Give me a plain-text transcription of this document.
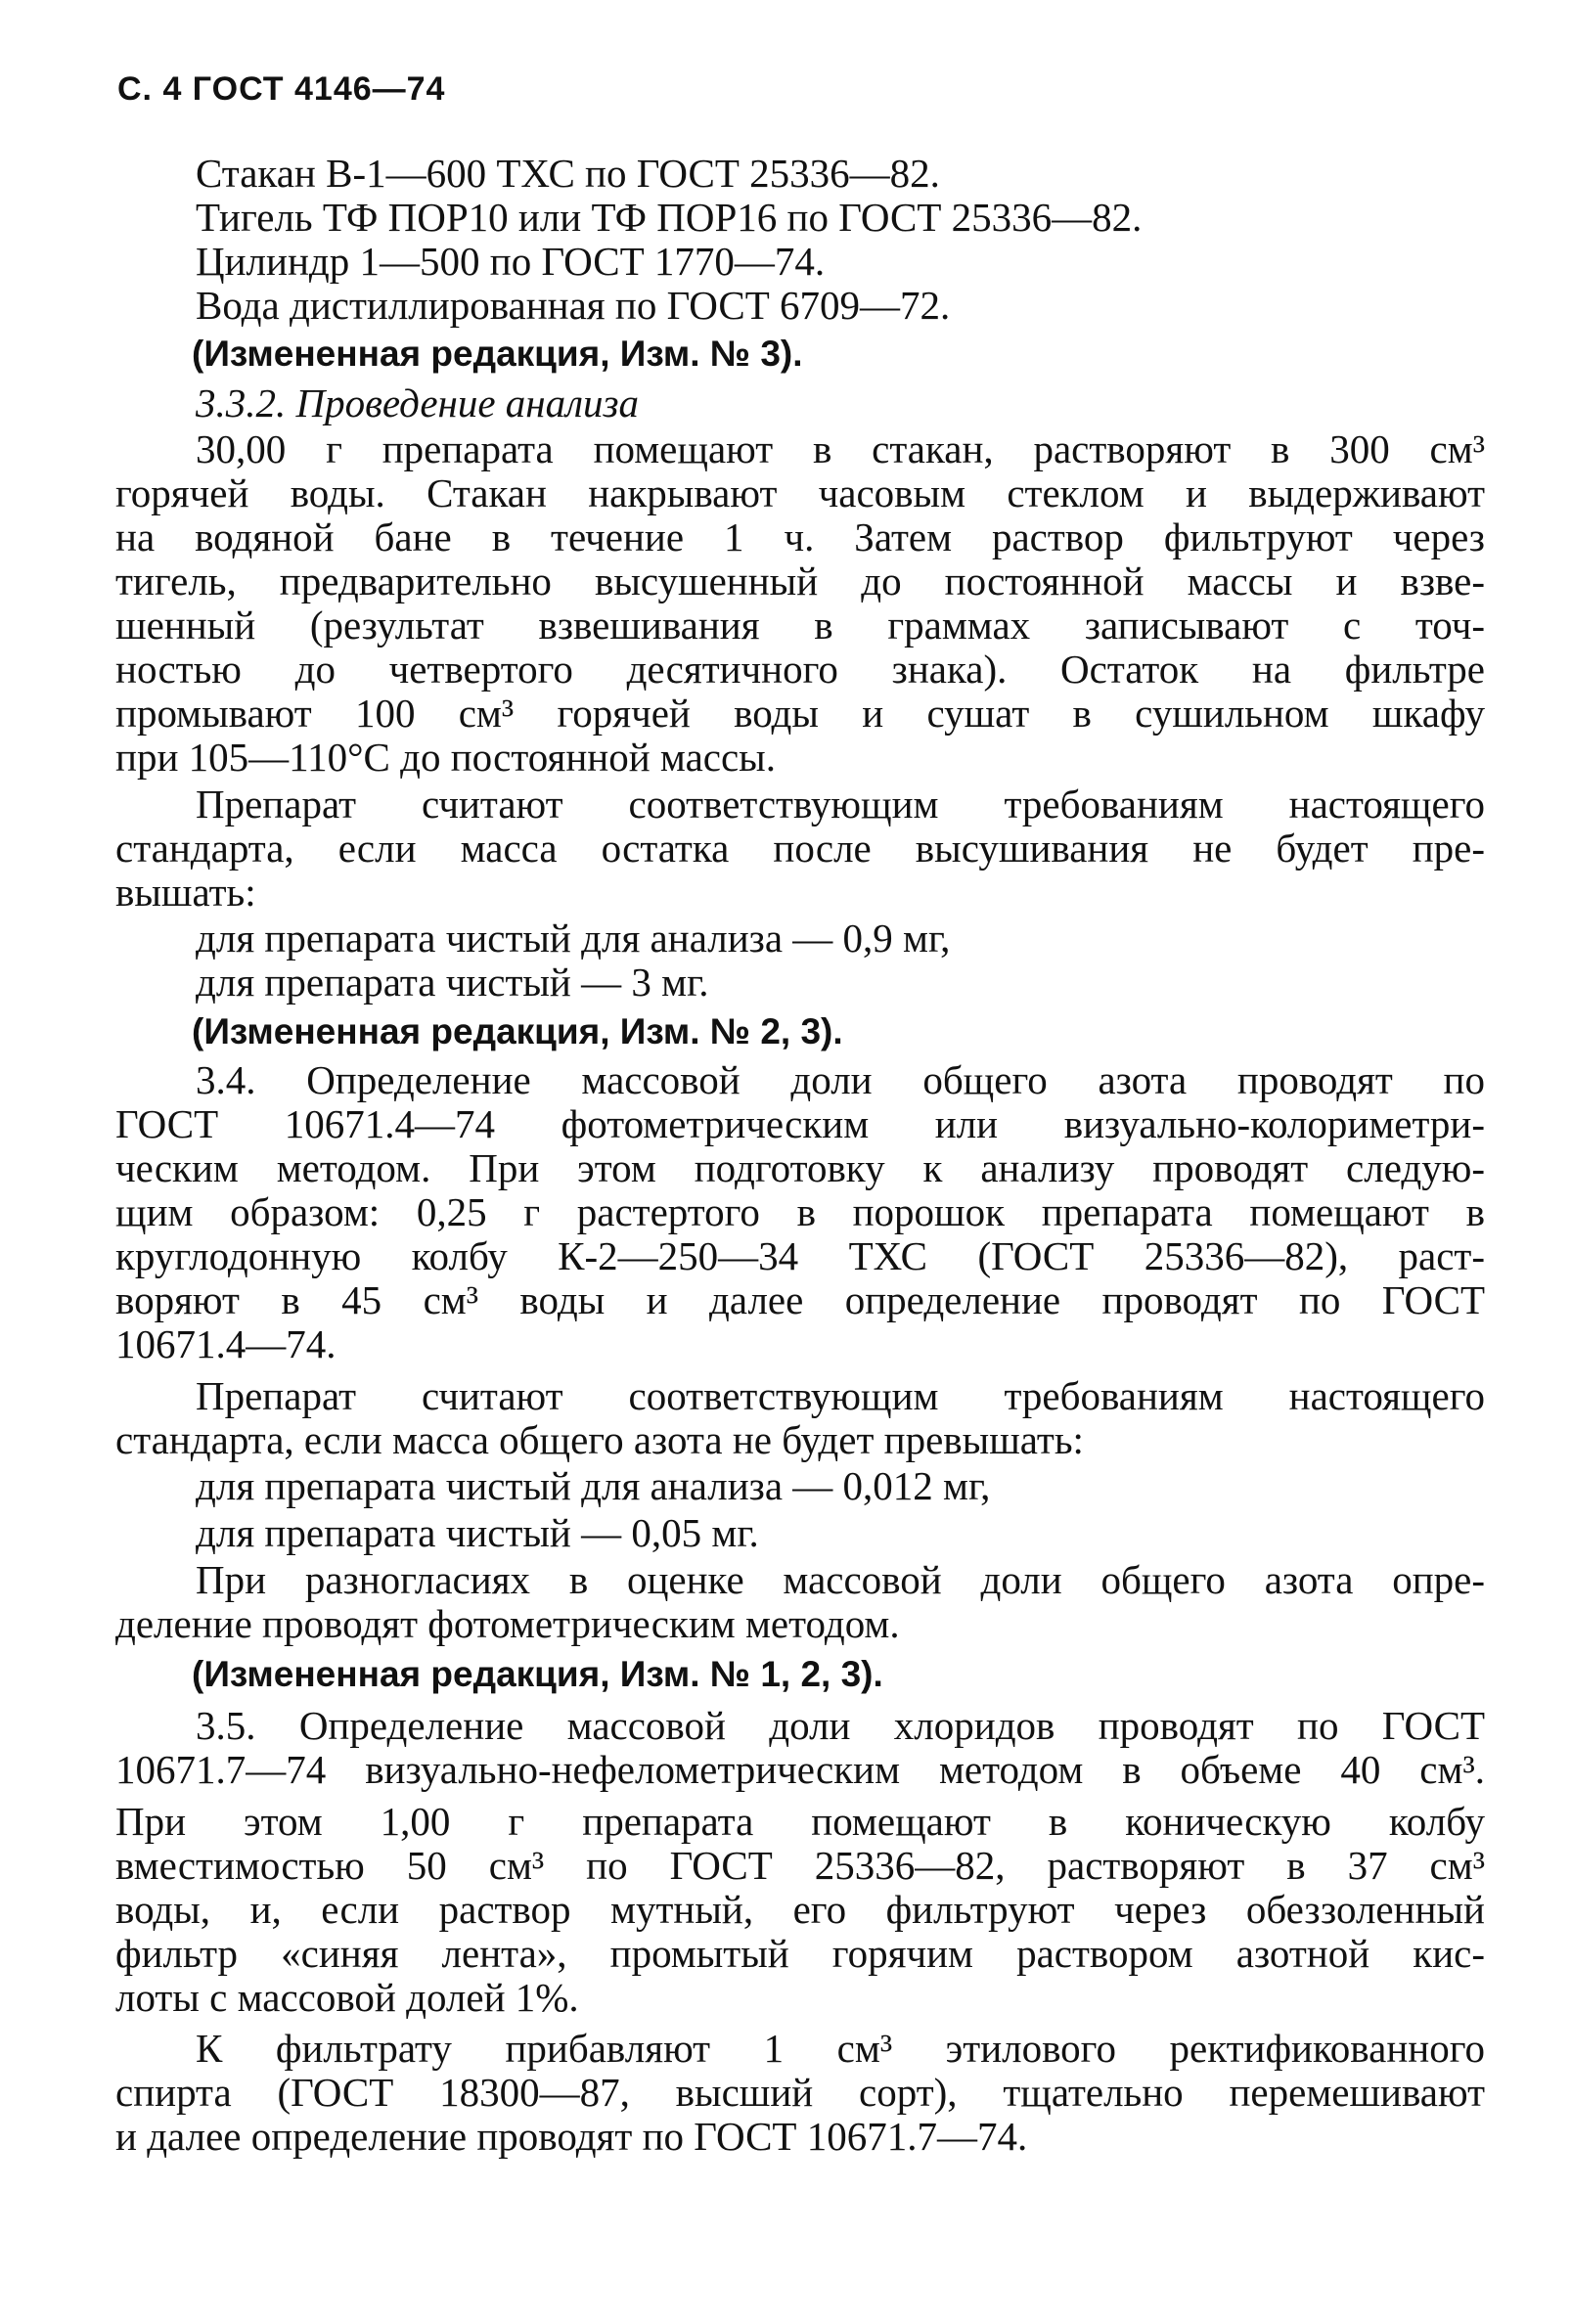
С. 4 ГОСТ 4146—74
Стакан В-1—600 ТХС по ГОСТ 25336—82.
Тигель ТФ ПОР10 или ТФ ПОР16 по ГОСТ 25336—82.
Цилиндр 1—500 по ГОСТ 1770—74.
Вода дистиллированная по ГОСТ 6709—72.
(Измененная редакция, Изм. № 3).
3.3.2. Проведение анализа
30,00 г препарата помещают в стакан, растворяют в 300 см³
горячей воды. Стакан накрывают часовым стеклом и выдерживают
на водяной бане в течение 1 ч. Затем раствор фильтруют через
тигель, предварительно высушенный до постоянной массы и взве-
шенный (результат взвешивания в граммах записывают с точ-
ностью до четвертого десятичного знака). Остаток на фильтре
промывают 100 см³ горячей воды и сушат в сушильном шкафу
при 105—110°С до постоянной массы.
Препарат считают соответствующим требованиям настоящего
стандарта, если масса остатка после высушивания не будет пре-
вышать:
для препарата чистый для анализа — 0,9 мг,
для препарата чистый — 3 мг.
(Измененная редакция, Изм. № 2, 3).
3.4. Определение массовой доли общего азота проводят по
ГОСТ 10671.4—74 фотометрическим или визуально-колориметри-
ческим методом. При этом подготовку к анализу проводят следую-
щим образом: 0,25 г растертого в порошок препарата помещают в
круглодонную колбу К-2—250—34 ТХС (ГОСТ 25336—82), раст-
воряют в 45 см³ воды и далее определение проводят по ГОСТ
10671.4—74.
Препарат считают соответствующим требованиям настоящего
стандарта, если масса общего азота не будет превышать:
для препарата чистый для анализа — 0,012 мг,
для препарата чистый — 0,05 мг.
При разногласиях в оценке массовой доли общего азота опре-
деление проводят фотометрическим методом.
(Измененная редакция, Изм. № 1, 2, 3).
3.5. Определение массовой доли хлоридов проводят по ГОСТ
10671.7—74 визуально-нефелометрическим методом в объеме 40 см³.
При этом 1,00 г препарата помещают в коническую колбу
вместимостью 50 см³ по ГОСТ 25336—82, растворяют в 37 см³
воды, и, если раствор мутный, его фильтруют через обеззоленный
фильтр «синяя лента», промытый горячим раствором азотной кис-
лоты с массовой долей 1%.
К фильтрату прибавляют 1 см³ этилового ректификованного
спирта (ГОСТ 18300—87, высший сорт), тщательно перемешивают
и далее определение проводят по ГОСТ 10671.7—74.
